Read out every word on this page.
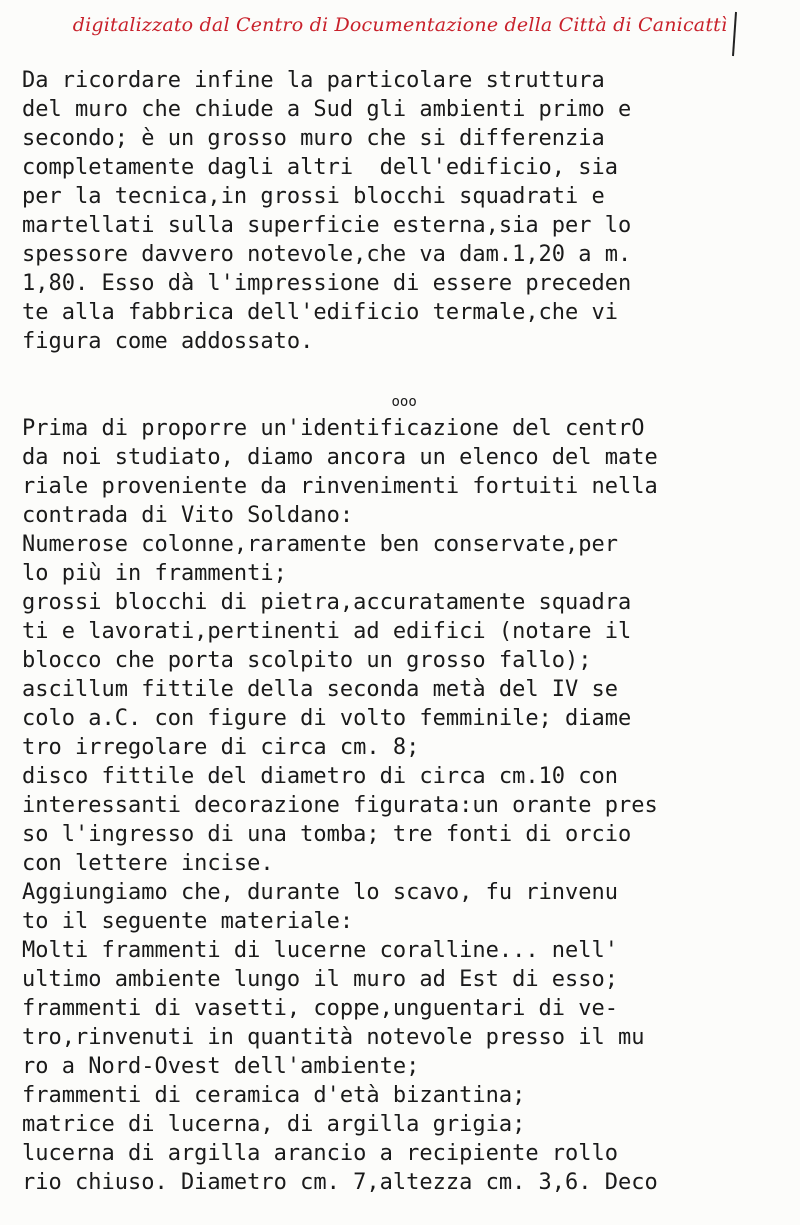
digitalizzato dal Centro di Documentazione della Città di Canicattì
Da ricordare infine la particolare struttura
del muro che chiude a Sud gli ambienti primo e
secondo; è un grosso muro che si differenzia
completamente dagli altri  dell'edificio, sia
per la tecnica,in grossi blocchi squadrati e
martellati sulla superficie esterna,sia per lo
spessore davvero notevole,che va dam.1,20 a m.
1,80. Esso dà l'impressione di essere preceden
te alla fabbrica dell'edificio termale,che vi
figura come addossato.

ooo

Prima di proporre un'identificazione del centrO
da noi studiato, diamo ancora un elenco del mate
riale proveniente da rinvenimenti fortuiti nella
contrada di Vito Soldano:
Numerose colonne,raramente ben conservate,per
lo più in frammenti;
grossi blocchi di pietra,accuratamente squadra
ti e lavorati,pertinenti ad edifici (notare il
blocco che porta scolpito un grosso fallo);
ascillum fittile della seconda metà del IV se
colo a.C. con figure di volto femminile; diame
tro irregolare di circa cm. 8;
disco fittile del diametro di circa cm.10 con
interessanti decorazione figurata:un orante pres
so l'ingresso di una tomba; tre fonti di orcio
con lettere incise.
Aggiungiamo che, durante lo scavo, fu rinvenu
to il seguente materiale:
Molti frammenti di lucerne coralline... nell'
ultimo ambiente lungo il muro ad Est di esso;
frammenti di vasetti, coppe,unguentari di ve-
tro,rinvenuti in quantità notevole presso il mu
ro a Nord-Ovest dell'ambiente;
frammenti di ceramica d'età bizantina;
matrice di lucerna, di argilla grigia;
lucerna di argilla arancio a recipiente rollo
rio chiuso. Diametro cm. 7,altezza cm. 3,6. Deco
